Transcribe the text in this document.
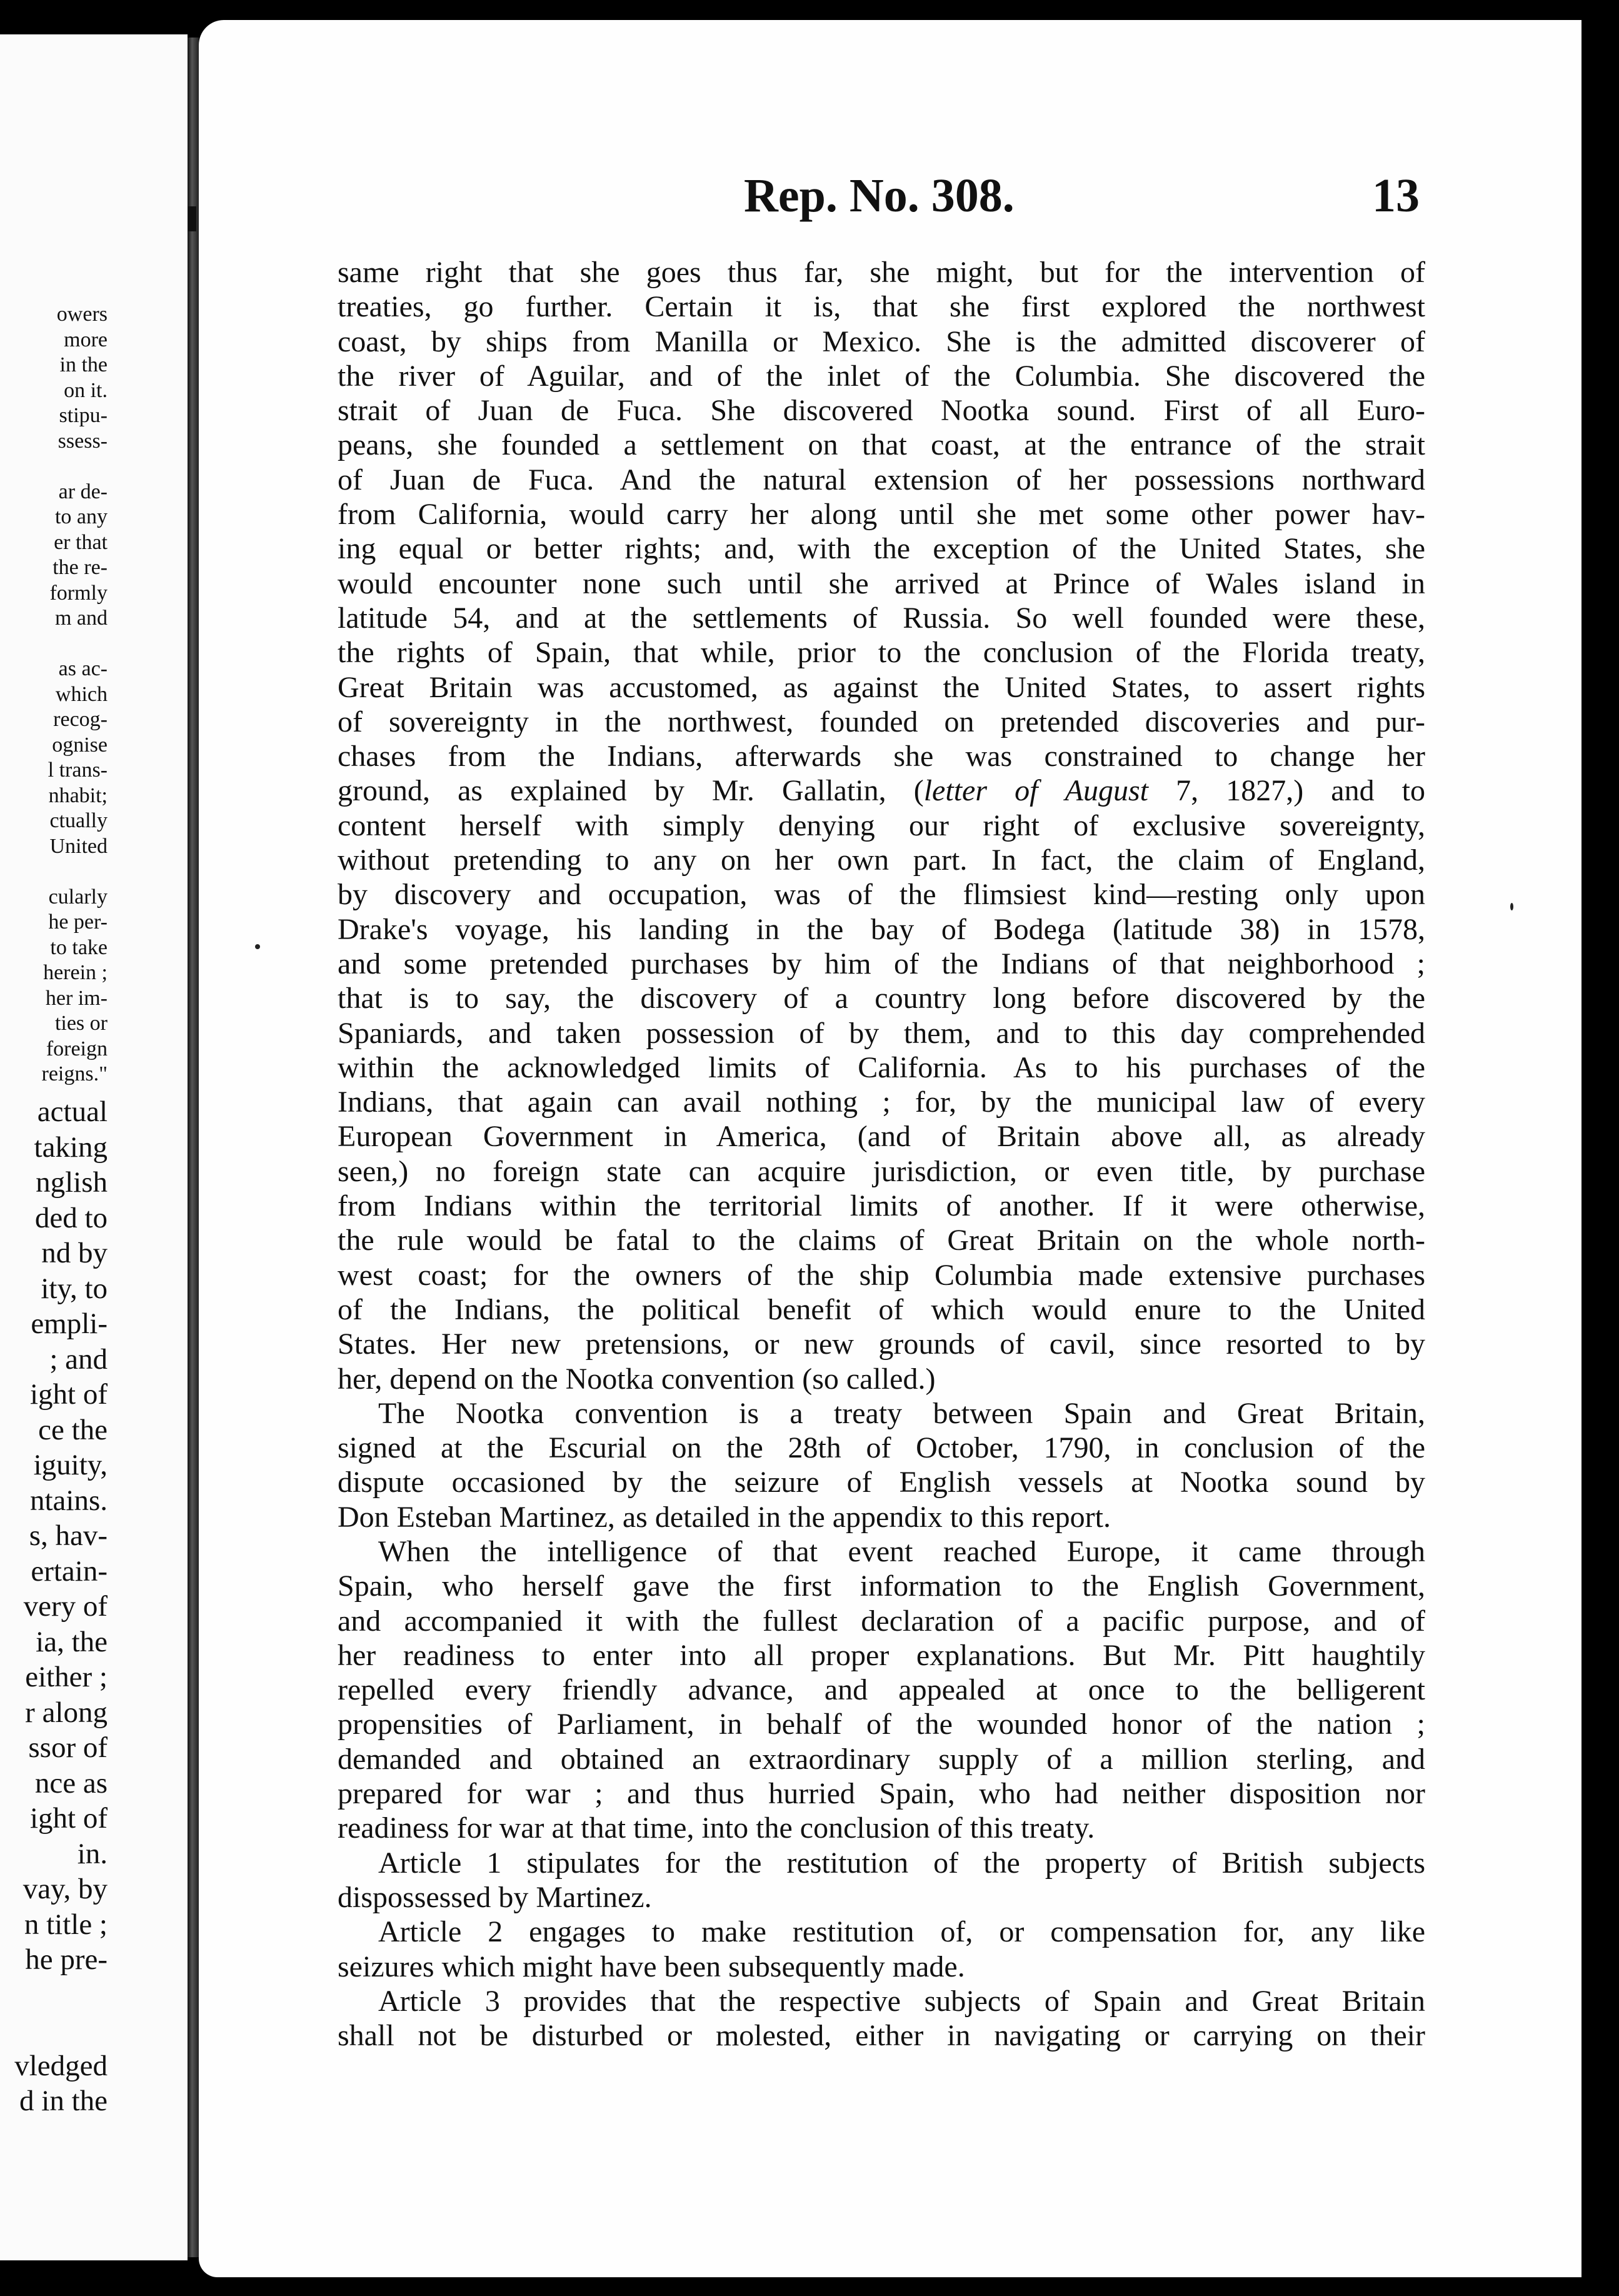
owers
more
in the
on it.
stipu-
ssess-

ar de-
to any
er that
the re-
formly
m and

as ac-
which
recog-
ognise
l trans-
nhabit;
ctually
United

cularly
he per-
to take
herein ;
her im-
ties or
foreign
reigns."
actual
taking
nglish
ded to
nd by
ity, to
empli-
; and
ight of
ce the
iguity,
ntains.
s, hav-
ertain-
very of
ia, the
either ;
r along
ssor of
nce as
ight of
in.
vay, by
n title ;
he pre-

vledged
d in the
Rep. No. 308.	13
same right that she goes thus far, she might, but for the intervention of
treaties, go further. Certain it is, that she first explored the northwest
coast, by ships from Manilla or Mexico. She is the admitted discoverer of
the river of Aguilar, and of the inlet of the Columbia. She discovered the
strait of Juan de Fuca. She discovered Nootka sound. First of all Euro-
peans, she founded a settlement on that coast, at the entrance of the strait
of Juan de Fuca. And the natural extension of her possessions northward
from California, would carry her along until she met some other power hav-
ing equal or better rights; and, with the exception of the United States, she
would encounter none such until she arrived at Prince of Wales island in
latitude 54, and at the settlements of Russia. So well founded were these,
the rights of Spain, that while, prior to the conclusion of the Florida treaty,
Great Britain was accustomed, as against the United States, to assert rights
of sovereignty in the northwest, founded on pretended discoveries and pur-
chases from the Indians, afterwards she was constrained to change her
ground, as explained by Mr. Gallatin, (letter of August 7, 1827,) and to
content herself with simply denying our right of exclusive sovereignty,
without pretending to any on her own part. In fact, the claim of England,
by discovery and occupation, was of the flimsiest kind—resting only upon
Drake's voyage, his landing in the bay of Bodega (latitude 38) in 1578,
and some pretended purchases by him of the Indians of that neighborhood ;
that is to say, the discovery of a country long before discovered by the
Spaniards, and taken possession of by them, and to this day comprehended
within the acknowledged limits of California. As to his purchases of the
Indians, that again can avail nothing ; for, by the municipal law of every
European Government in America, (and of Britain above all, as already
seen,) no foreign state can acquire jurisdiction, or even title, by purchase
from Indians within the territorial limits of another. If it were otherwise,
the rule would be fatal to the claims of Great Britain on the whole north-
west coast; for the owners of the ship Columbia made extensive purchases
of the Indians, the political benefit of which would enure to the United
States. Her new pretensions, or new grounds of cavil, since resorted to by
her, depend on the Nootka convention (so called.)
The Nootka convention is a treaty between Spain and Great Britain,
signed at the Escurial on the 28th of October, 1790, in conclusion of the
dispute occasioned by the seizure of English vessels at Nootka sound by
Don Esteban Martinez, as detailed in the appendix to this report.
When the intelligence of that event reached Europe, it came through
Spain, who herself gave the first information to the English Government,
and accompanied it with the fullest declaration of a pacific purpose, and of
her readiness to enter into all proper explanations. But Mr. Pitt haughtily
repelled every friendly advance, and appealed at once to the belligerent
propensities of Parliament, in behalf of the wounded honor of the nation ;
demanded and obtained an extraordinary supply of a million sterling, and
prepared for war ; and thus hurried Spain, who had neither disposition nor
readiness for war at that time, into the conclusion of this treaty.
Article 1 stipulates for the restitution of the property of British subjects
dispossessed by Martinez.
Article 2 engages to make restitution of, or compensation for, any like
seizures which might have been subsequently made.
Article 3 provides that the respective subjects of Spain and Great Britain
shall not be disturbed or molested, either in navigating or carrying on their
